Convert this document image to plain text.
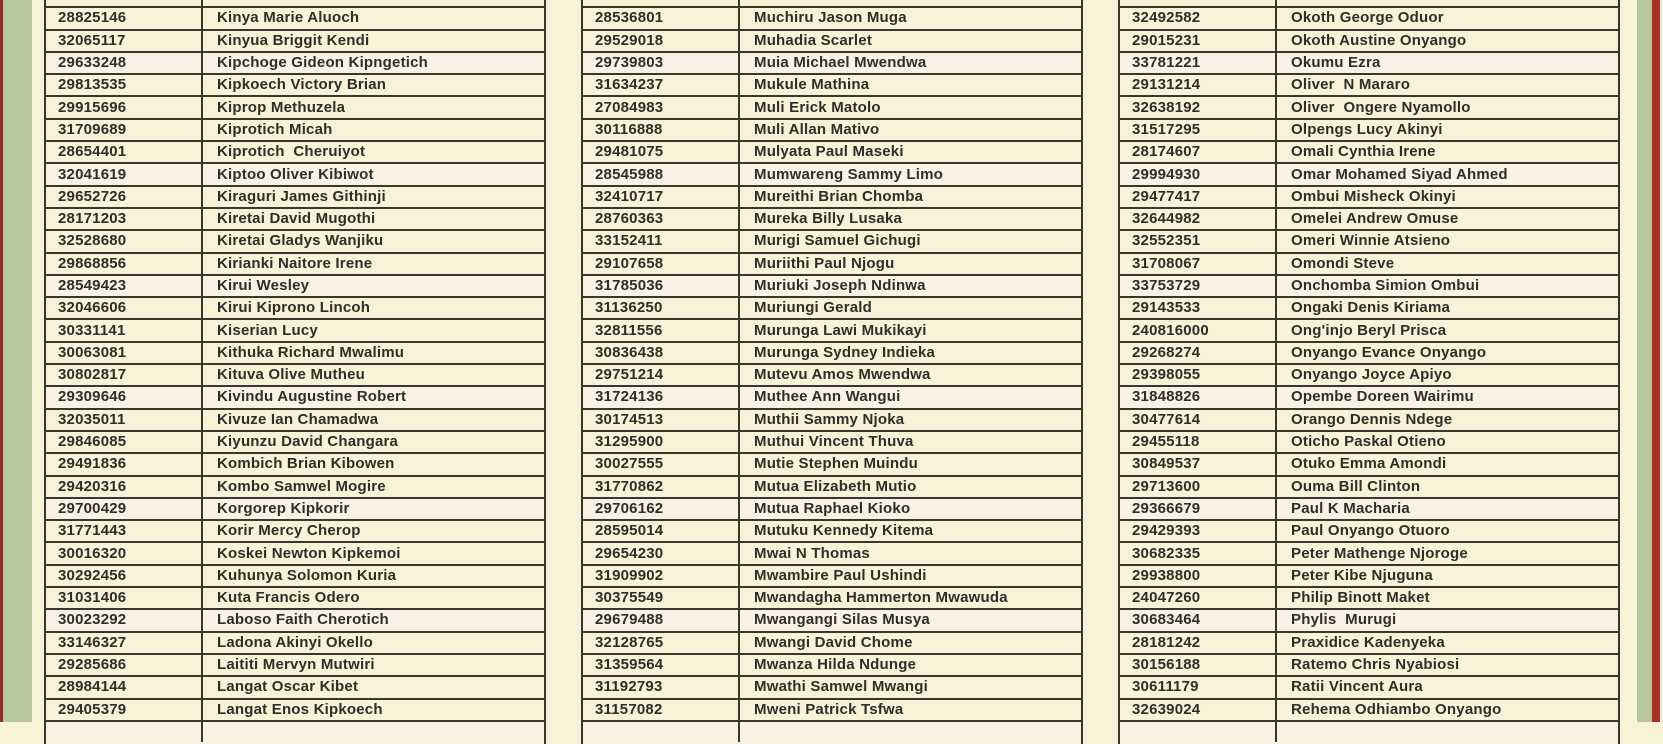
28825146	Kinya Marie Aluoch
32065117	Kinyua Briggit Kendi
29633248	Kipchoge Gideon Kipngetich
29813535	Kipkoech Victory Brian
29915696	Kiprop Methuzela
31709689	Kiprotich Micah
28654401	Kiprotich  Cheruiyot
32041619	Kiptoo Oliver Kibiwot
29652726	Kiraguri James Githinji
28171203	Kiretai David Mugothi
32528680	Kiretai Gladys Wanjiku
29868856	Kirianki Naitore Irene
28549423	Kirui Wesley
32046606	Kirui Kiprono Lincoh
30331141	Kiserian Lucy
30063081	Kithuka Richard Mwalimu
30802817	Kituva Olive Mutheu
29309646	Kivindu Augustine Robert
32035011	Kivuze Ian Chamadwa
29846085	Kiyunzu David Changara
29491836	Kombich Brian Kibowen
29420316	Kombo Samwel Mogire
29700429	Korgorep Kipkorir
31771443	Korir Mercy Cherop
30016320	Koskei Newton Kipkemoi
30292456	Kuhunya Solomon Kuria
31031406	Kuta Francis Odero
30023292	Laboso Faith Cherotich
33146327	Ladona Akinyi Okello
29285686	Laititi Mervyn Mutwiri
28984144	Langat Oscar Kibet
29405379	Langat Enos Kipkoech
28536801	Muchiru Jason Muga
29529018	Muhadia Scarlet
29739803	Muia Michael Mwendwa
31634237	Mukule Mathina
27084983	Muli Erick Matolo
30116888	Muli Allan Mativo
29481075	Mulyata Paul Maseki
28545988	Mumwareng Sammy Limo
32410717	Mureithi Brian Chomba
28760363	Mureka Billy Lusaka
33152411	Murigi Samuel Gichugi
29107658	Muriithi Paul Njogu
31785036	Muriuki Joseph Ndinwa
31136250	Muriungi Gerald
32811556	Murunga Lawi Mukikayi
30836438	Murunga Sydney Indieka
29751214	Mutevu Amos Mwendwa
31724136	Muthee Ann Wangui
30174513	Muthii Sammy Njoka
31295900	Muthui Vincent Thuva
30027555	Mutie Stephen Muindu
31770862	Mutua Elizabeth Mutio
29706162	Mutua Raphael Kioko
28595014	Mutuku Kennedy Kitema
29654230	Mwai N Thomas
31909902	Mwambire Paul Ushindi
30375549	Mwandagha Hammerton Mwawuda
29679488	Mwangangi Silas Musya
32128765	Mwangi David Chome
31359564	Mwanza Hilda Ndunge
31192793	Mwathi Samwel Mwangi
31157082	Mweni Patrick Tsfwa
32492582	Okoth George Oduor
29015231	Okoth Austine Onyango
33781221	Okumu Ezra
29131214	Oliver  N Mararo
32638192	Oliver  Ongere Nyamollo
31517295	Olpengs Lucy Akinyi
28174607	Omali Cynthia Irene
29994930	Omar Mohamed Siyad Ahmed
29477417	Ombui Misheck Okinyi
32644982	Omelei Andrew Omuse
32552351	Omeri Winnie Atsieno
31708067	Omondi Steve
33753729	Onchomba Simion Ombui
29143533	Ongaki Denis Kiriama
240816000	Ong'injo Beryl Prisca
29268274	Onyango Evance Onyango
29398055	Onyango Joyce Apiyo
31848826	Opembe Doreen Wairimu
30477614	Orango Dennis Ndege
29455118	Oticho Paskal Otieno
30849537	Otuko Emma Amondi
29713600	Ouma Bill Clinton
29366679	Paul K Macharia
29429393	Paul Onyango Otuoro
30682335	Peter Mathenge Njoroge
29938800	Peter Kibe Njuguna
24047260	Philip Binott Maket
30683464	Phylis  Murugi
28181242	Praxidice Kadenyeka
30156188	Ratemo Chris Nyabiosi
30611179	Ratii Vincent Aura
32639024	Rehema Odhiambo Onyango
